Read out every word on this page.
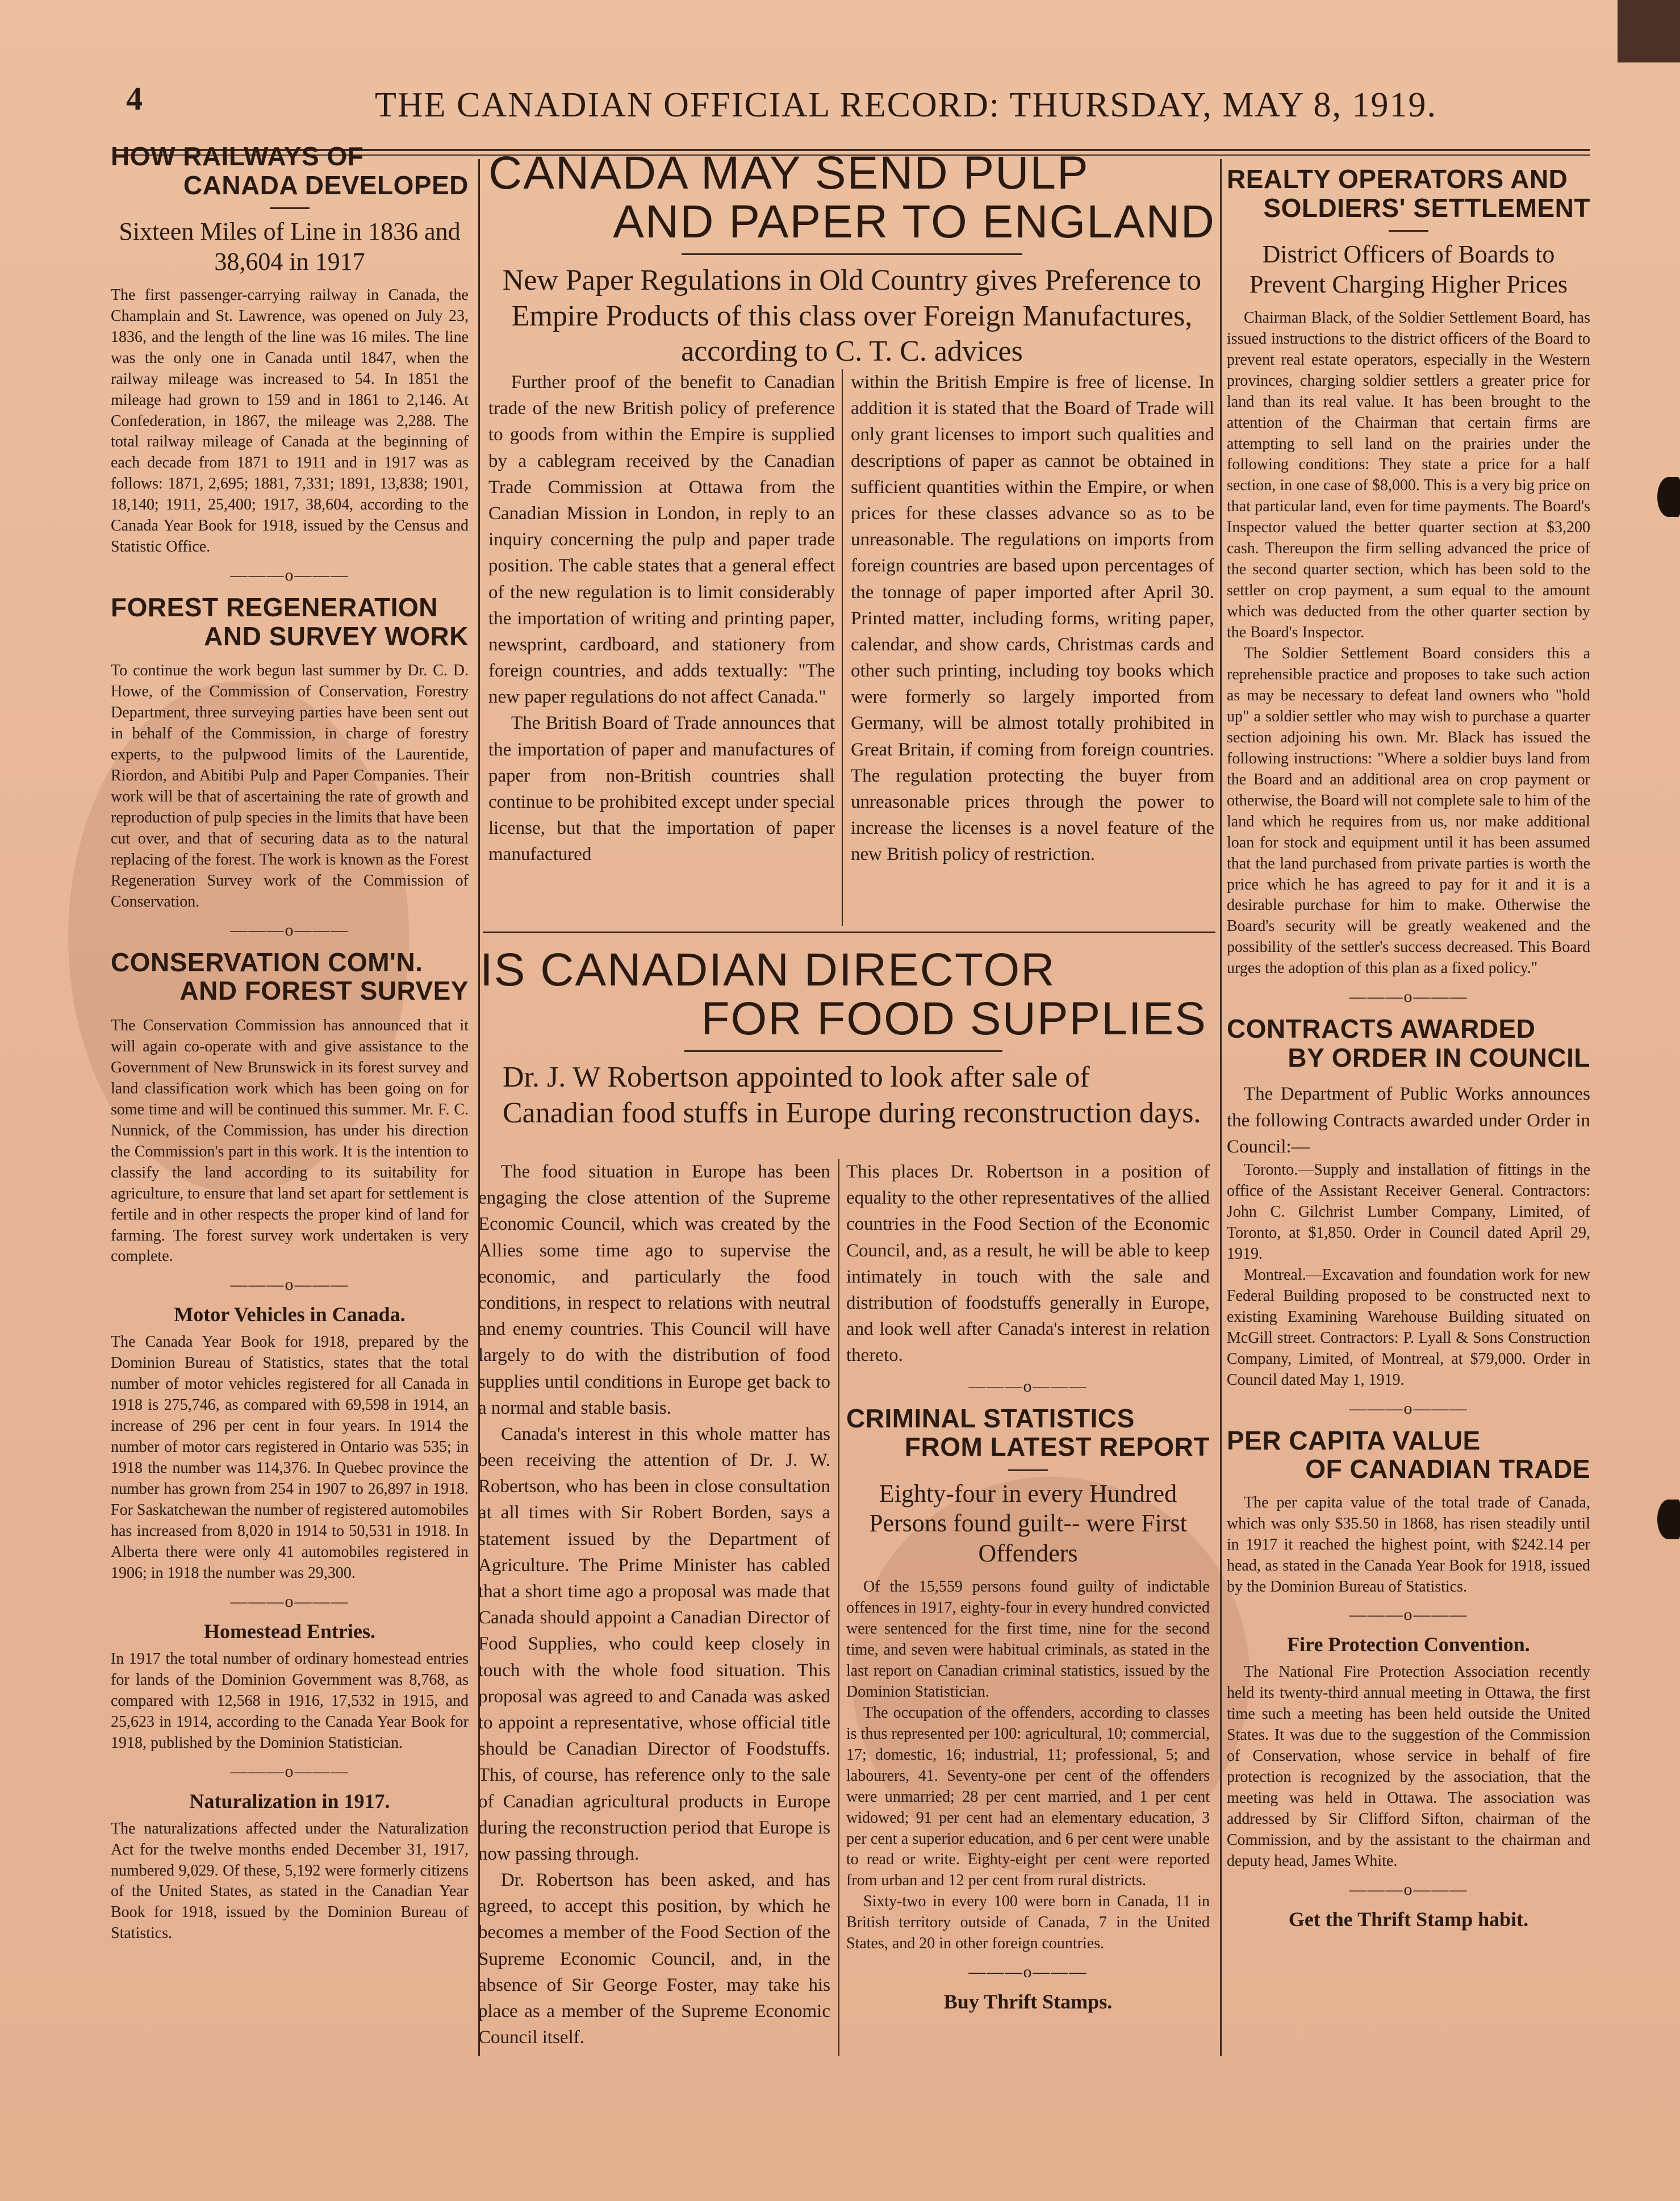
4	THE CANADIAN OFFICIAL RECORD: THURSDAY, MAY 8, 1919.
HOW RAILWAYS OF

CANADA DEVELOPED
Sixteen Miles of Line in 1836 and 38,604 in 1917

The first passenger-carrying railway in Canada, the Champlain and St. Lawrence, was opened on July 23, 1836, and the length of the line was 16 miles. The line was the only one in Canada until 1847, when the railway mileage was increased to 54. In 1851 the mileage had grown to 159 and in 1861 to 2,146. At Confederation, in 1867, the mileage was 2,288. The total railway mileage of Canada at the beginning of each decade from 1871 to 1911 and in 1917 was as follows: 1871, 2,695; 1881, 7,331; 1891, 13,838; 1901, 18,140; 1911, 25,400; 1917, 38,604, according to the Canada Year Book for 1918, issued by the Census and Statistic Office.

———o———
FOREST REGENERATION

AND SURVEY WORK

To continue the work begun last summer by Dr. C. D. Howe, of the Commission of Conservation, Forestry Department, three surveying parties have been sent out in behalf of the Commission, in charge of forestry experts, to the pulpwood limits of the Laurentide, Riordon, and Abitibi Pulp and Paper Companies. Their work will be that of ascertaining the rate of growth and reproduction of pulp species in the limits that have been cut over, and that of securing data as to the natural replacing of the forest. The work is known as the Forest Regeneration Survey work of the Commission of Conservation.

———o———
CONSERVATION COM'N.

AND FOREST SURVEY

The Conservation Commission has announced that it will again co-operate with and give assistance to the Government of New Brunswick in its forest survey and land classification work which has been going on for some time and will be continued this summer. Mr. F. C. Nunnick, of the Commission, has under his direction the Commission's part in this work. It is the intention to classify the land according to its suitability for agriculture, to ensure that land set apart for settlement is fertile and in other respects the proper kind of land for farming. The forest survey work undertaken is very complete.

———o———
Motor Vehicles in Canada.

The Canada Year Book for 1918, prepared by the Dominion Bureau of Statistics, states that the total number of motor vehicles registered for all Canada in 1918 is 275,746, as compared with 69,598 in 1914, an increase of 296 per cent in four years. In 1914 the number of motor cars registered in Ontario was 535; in 1918 the number was 114,376. In Quebec province the number has grown from 254 in 1907 to 26,897 in 1918. For Saskatchewan the number of registered automobiles has increased from 8,020 in 1914 to 50,531 in 1918. In Alberta there were only 41 automobiles registered in 1906; in 1918 the number was 29,300.

———o———
Homestead Entries.

In 1917 the total number of ordinary homestead entries for lands of the Dominion Government was 8,768, as compared with 12,568 in 1916, 17,532 in 1915, and 25,623 in 1914, according to the Canada Year Book for 1918, published by the Dominion Statistician.

———o———
Naturalization in 1917.

The naturalizations affected under the Naturalization Act for the twelve months ended December 31, 1917, numbered 9,029. Of these, 5,192 were formerly citizens of the United States, as stated in the Canadian Year Book for 1918, issued by the Dominion Bureau of Statistics.

CANADA MAY SEND PULP

AND PAPER TO ENGLAND
New Paper Regulations in Old Country gives Preference to Empire Products of this class over Foreign Manufactures, according to C. T. C. advices

Further proof of the benefit to Canadian trade of the new British policy of preference to goods from within the Empire is supplied by a cablegram received by the Canadian Trade Commission at Ottawa from the Canadian Mission in London, in reply to an inquiry concerning the pulp and paper trade position. The cable states that a general effect of the new regulation is to limit considerably the importation of writing and printing paper, newsprint, cardboard, and stationery from foreign countries, and adds textually: "The new paper regulations do not affect Canada."

The British Board of Trade announces that the importation of paper and manufactures of paper from non-British countries shall continue to be prohibited except under special license, but that the importation of paper manufactured

within the British Empire is free of license. In addition it is stated that the Board of Trade will only grant licenses to import such qualities and descriptions of paper as cannot be obtained in sufficient quantities within the Empire, or when prices for these classes advance so as to be unreasonable. The regulations on imports from foreign countries are based upon percentages of the tonnage of paper imported after April 30. Printed matter, including forms, writing paper, calendar, and show cards, Christmas cards and other such printing, including toy books which were formerly so largely imported from Germany, will be almost totally prohibited in Great Britain, if coming from foreign countries. The regulation protecting the buyer from unreasonable prices through the power to increase the licenses is a novel feature of the new British policy of restriction.

IS CANADIAN DIRECTOR

FOR FOOD SUPPLIES
Dr. J. W Robertson appointed to look after sale of Canadian food stuffs in Europe during reconstruction days.

The food situation in Europe has been engaging the close attention of the Supreme Economic Council, which was created by the Allies some time ago to supervise the economic, and particularly the food conditions, in respect to relations with neutral and enemy countries. This Council will have largely to do with the distribution of food supplies until conditions in Europe get back to a normal and stable basis.

Canada's interest in this whole matter has been receiving the attention of Dr. J. W. Robertson, who has been in close consultation at all times with Sir Robert Borden, says a statement issued by the Department of Agriculture. The Prime Minister has cabled that a short time ago a proposal was made that Canada should appoint a Canadian Director of Food Supplies, who could keep closely in touch with the whole food situation. This proposal was agreed to and Canada was asked to appoint a representative, whose official title should be Canadian Director of Foodstuffs. This, of course, has reference only to the sale of Canadian agricultural products in Europe during the reconstruction period that Europe is now passing through.

Dr. Robertson has been asked, and has agreed, to accept this position, by which he becomes a member of the Food Section of the Supreme Economic Council, and, in the absence of Sir George Foster, may take his place as a member of the Supreme Economic Council itself.

This places Dr. Robertson in a position of equality to the other representatives of the allied countries in the Food Section of the Economic Council, and, as a result, he will be able to keep intimately in touch with the sale and distribution of foodstuffs generally in Europe, and look well after Canada's interest in relation thereto.

———o———
CRIMINAL STATISTICS

FROM LATEST REPORT
Eighty-four in every Hundred Persons found guilt-- were First Offenders

Of the 15,559 persons found guilty of indictable offences in 1917, eighty-four in every hundred convicted were sentenced for the first time, nine for the second time, and seven were habitual criminals, as stated in the last report on Canadian criminal statistics, issued by the Dominion Statistician.

The occupation of the offenders, according to classes is thus represented per 100: agricultural, 10; commercial, 17; domestic, 16; industrial, 11; professional, 5; and labourers, 41. Seventy-one per cent of the offenders were unmarried; 28 per cent married, and 1 per cent widowed; 91 per cent had an elementary education, 3 per cent a superior education, and 6 per cent were unable to read or write. Eighty-eight per cent were reported from urban and 12 per cent from rural districts.

Sixty-two in every 100 were born in Canada, 11 in British territory outside of Canada, 7 in the United States, and 20 in other foreign countries.

———o———
Buy Thrift Stamps.
REALTY OPERATORS AND

SOLDIERS' SETTLEMENT
District Officers of Boards to Prevent Charging Higher Prices

Chairman Black, of the Soldier Settlement Board, has issued instructions to the district officers of the Board to prevent real estate operators, especially in the Western provinces, charging soldier settlers a greater price for land than its real value. It has been brought to the attention of the Chairman that certain firms are attempting to sell land on the prairies under the following conditions: They state a price for a half section, in one case of $8,000. This is a very big price on that particular land, even for time payments. The Board's Inspector valued the better quarter section at $3,200 cash. Thereupon the firm selling advanced the price of the second quarter section, which has been sold to the settler on crop payment, a sum equal to the amount which was deducted from the other quarter section by the Board's Inspector.

The Soldier Settlement Board considers this a reprehensible practice and proposes to take such action as may be necessary to defeat land owners who "hold up" a soldier settler who may wish to purchase a quarter section adjoining his own. Mr. Black has issued the following instructions: "Where a soldier buys land from the Board and an additional area on crop payment or otherwise, the Board will not complete sale to him of the land which he requires from us, nor make additional loan for stock and equipment until it has been assumed that the land purchased from private parties is worth the price which he has agreed to pay for it and it is a desirable purchase for him to make. Otherwise the Board's security will be greatly weakened and the possibility of the settler's success decreased. This Board urges the adoption of this plan as a fixed policy."

———o———
CONTRACTS AWARDED

BY ORDER IN COUNCIL

The Department of Public Works announces the following Contracts awarded under Order in Council:—

Toronto.—Supply and installation of fittings in the office of the Assistant Receiver General. Contractors: John C. Gilchrist Lumber Company, Limited, of Toronto, at $1,850. Order in Council dated April 29, 1919.

Montreal.—Excavation and foundation work for new Federal Building proposed to be constructed next to existing Examining Warehouse Building situated on McGill street. Contractors: P. Lyall & Sons Construction Company, Limited, of Montreal, at $79,000. Order in Council dated May 1, 1919.

———o———
PER CAPITA VALUE

OF CANADIAN TRADE

The per capita value of the total trade of Canada, which was only $35.50 in 1868, has risen steadily until in 1917 it reached the highest point, with $242.14 per head, as stated in the Canada Year Book for 1918, issued by the Dominion Bureau of Statistics.

———o———
Fire Protection Convention.

The National Fire Protection Association recently held its twenty-third annual meeting in Ottawa, the first time such a meeting has been held outside the United States. It was due to the suggestion of the Commission of Conservation, whose service in behalf of fire protection is recognized by the association, that the meeting was held in Ottawa. The association was addressed by Sir Clifford Sifton, chairman of the Commission, and by the assistant to the chairman and deputy head, James White.

———o———
Get the Thrift Stamp habit.
